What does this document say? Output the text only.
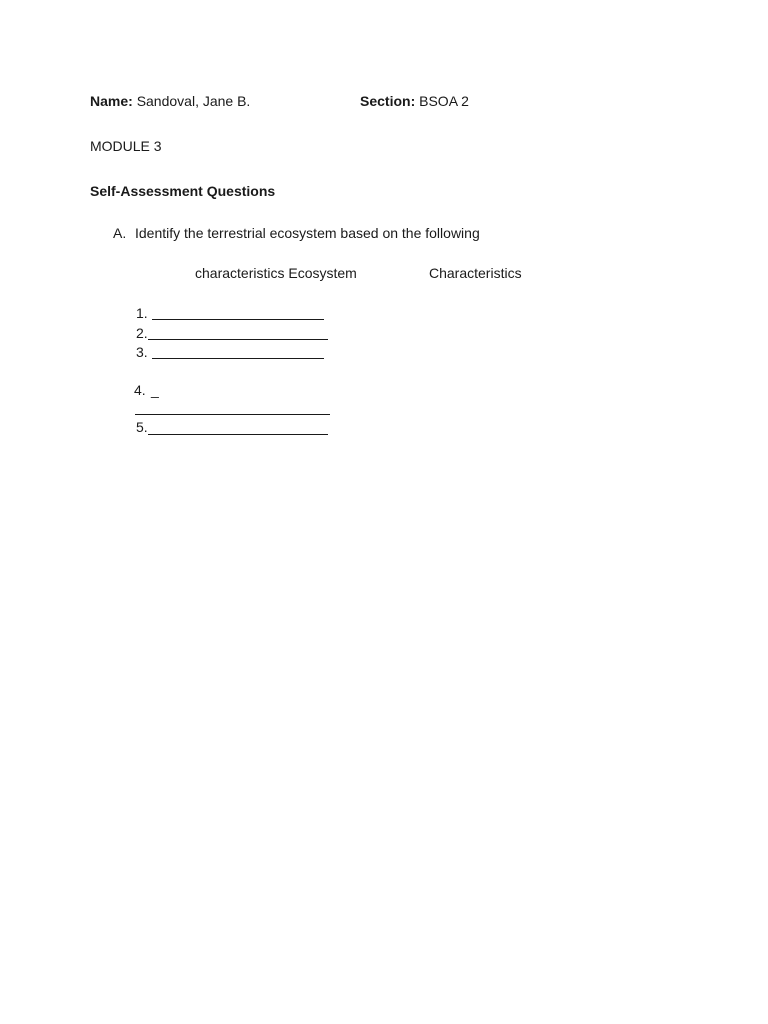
Name: Sandoval, Jane B.	Section: BSOA 2
MODULE 3
Self-Assessment Questions
A. Identify the terrestrial ecosystem based on the following
characteristics Ecosystem	Characteristics
1.
2.
3.
4. _
5.
